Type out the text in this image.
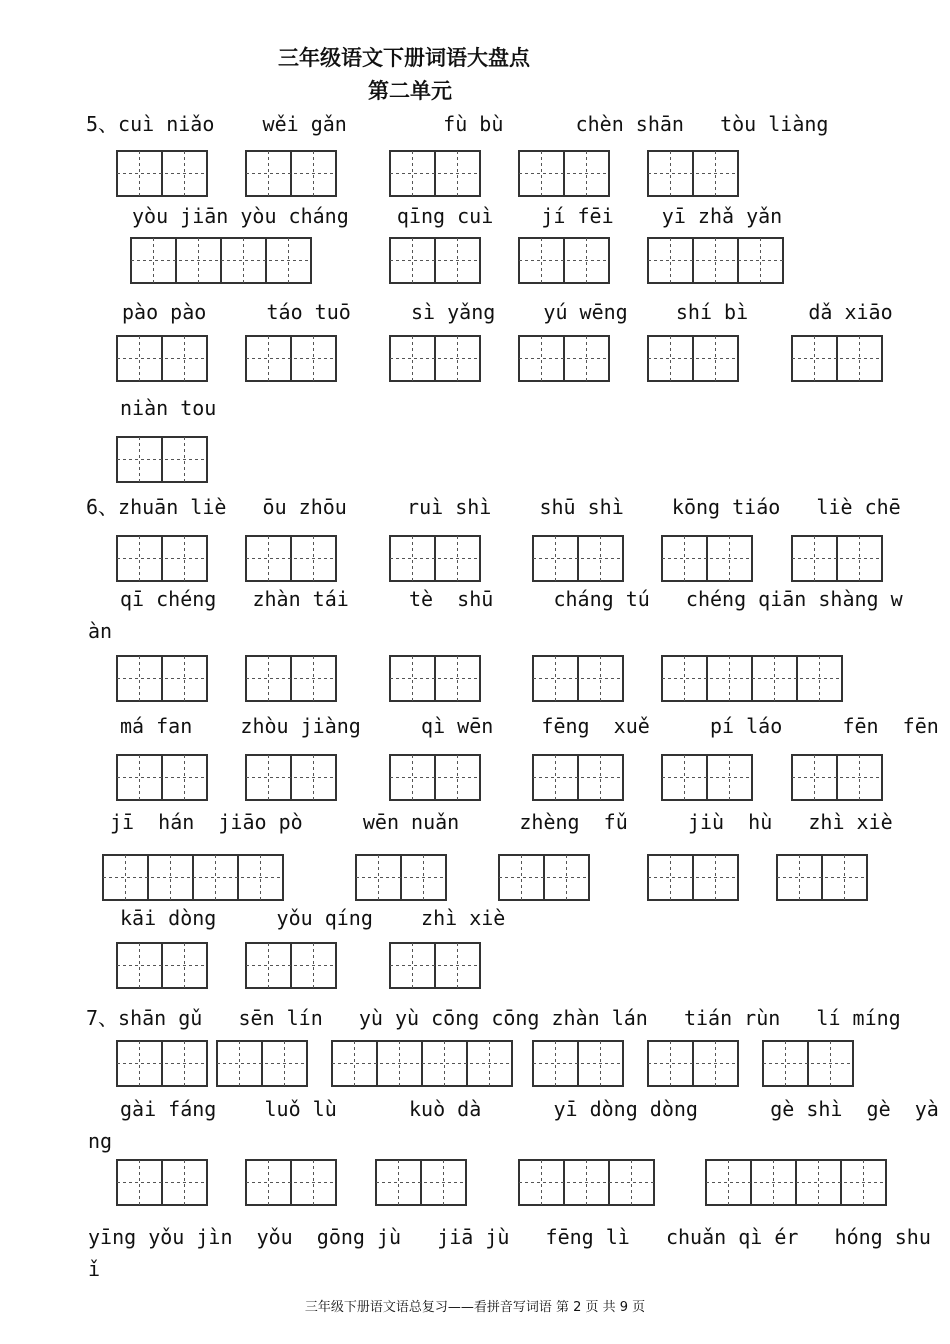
三年级语文下册词语大盘点
第二单元
5、cuì niǎo    wěi gǎn        fù bù      chèn shān   tòu liàng
yòu jiān yòu cháng    qīng cuì    jí fēi    yī zhǎ yǎn
pào pào     táo tuō     sì yǎng    yú wēng    shí bì     dǎ xiāo
niàn tou
6、zhuān liè   ōu zhōu     ruì shì    shū shì    kōng tiáo   liè chē
qī chéng   zhàn tái     tè  shū     cháng tú   chéng qiān shàng w
àn
má fan    zhòu jiàng     qì wēn    fēng  xuě     pí láo     fēn  fēn
jī  hán  jiāo pò     wēn nuǎn     zhèng  fǔ     jiù  hù   zhì xiè
kāi dòng     yǒu qíng    zhì xiè
7、shān gǔ   sēn lín   yù yù cōng cōng zhàn lán   tián rùn   lí míng
gài fáng    luǒ lù      kuò dà      yī dòng dòng      gè shì  gè  yà
ng
yīng yǒu jìn  yǒu  gōng jù   jiā jù   fēng lì   chuǎn qì ér   hóng shu
ǐ
三年级下册语文语总复习——看拼音写词语 第 2 页 共 9 页
